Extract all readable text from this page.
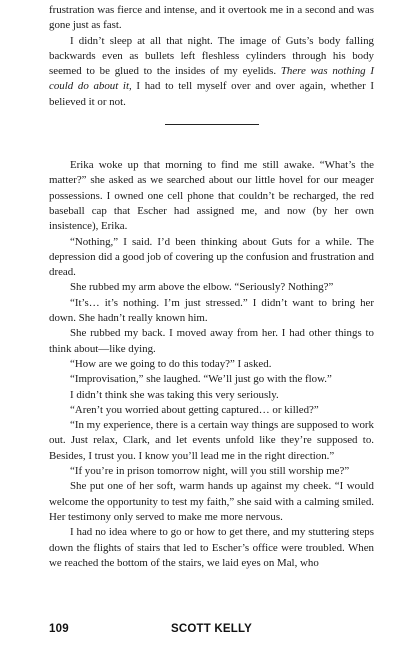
frustration was fierce and intense, and it overtook me in a second and was gone just as fast.

I didn’t sleep at all that night. The image of Guts’s body falling backwards even as bullets left fleshless cylinders through his body seemed to be glued to the insides of my eyelids. There was nothing I could do about it, I had to tell myself over and over again, whether I believed it or not.

Erika woke up that morning to find me still awake. “What’s the matter?” she asked as we searched about our little hovel for our meager possessions. I owned one cell phone that couldn’t be recharged, the red baseball cap that Escher had assigned me, and now (by her own insistence), Erika.

“Nothing,” I said. I’d been thinking about Guts for a while. The depression did a good job of covering up the confusion and frustration and dread.

She rubbed my arm above the elbow. “Seriously? Nothing?”

“It’s… it’s nothing. I’m just stressed.” I didn’t want to bring her down. She hadn’t really known him.

She rubbed my back. I moved away from her. I had other things to think about—like dying.

“How are we going to do this today?” I asked.

“Improvisation,” she laughed. “We’ll just go with the flow.”

I didn’t think she was taking this very seriously.

“Aren’t you worried about getting captured… or killed?”

“In my experience, there is a certain way things are supposed to work out. Just relax, Clark, and let events unfold like they’re supposed to. Besides, I trust you. I know you’ll lead me in the right direction.”

“If you’re in prison tomorrow night, will you still worship me?”

She put one of her soft, warm hands up against my cheek. “I would welcome the opportunity to test my faith,” she said with a calming smiled. Her testimony only served to make me more nervous.

I had no idea where to go or how to get there, and my stuttering steps down the flights of stairs that led to Escher’s office were troubled. When we reached the bottom of the stairs, we laid eyes on Mal, who

109	SCOTT KELLY
